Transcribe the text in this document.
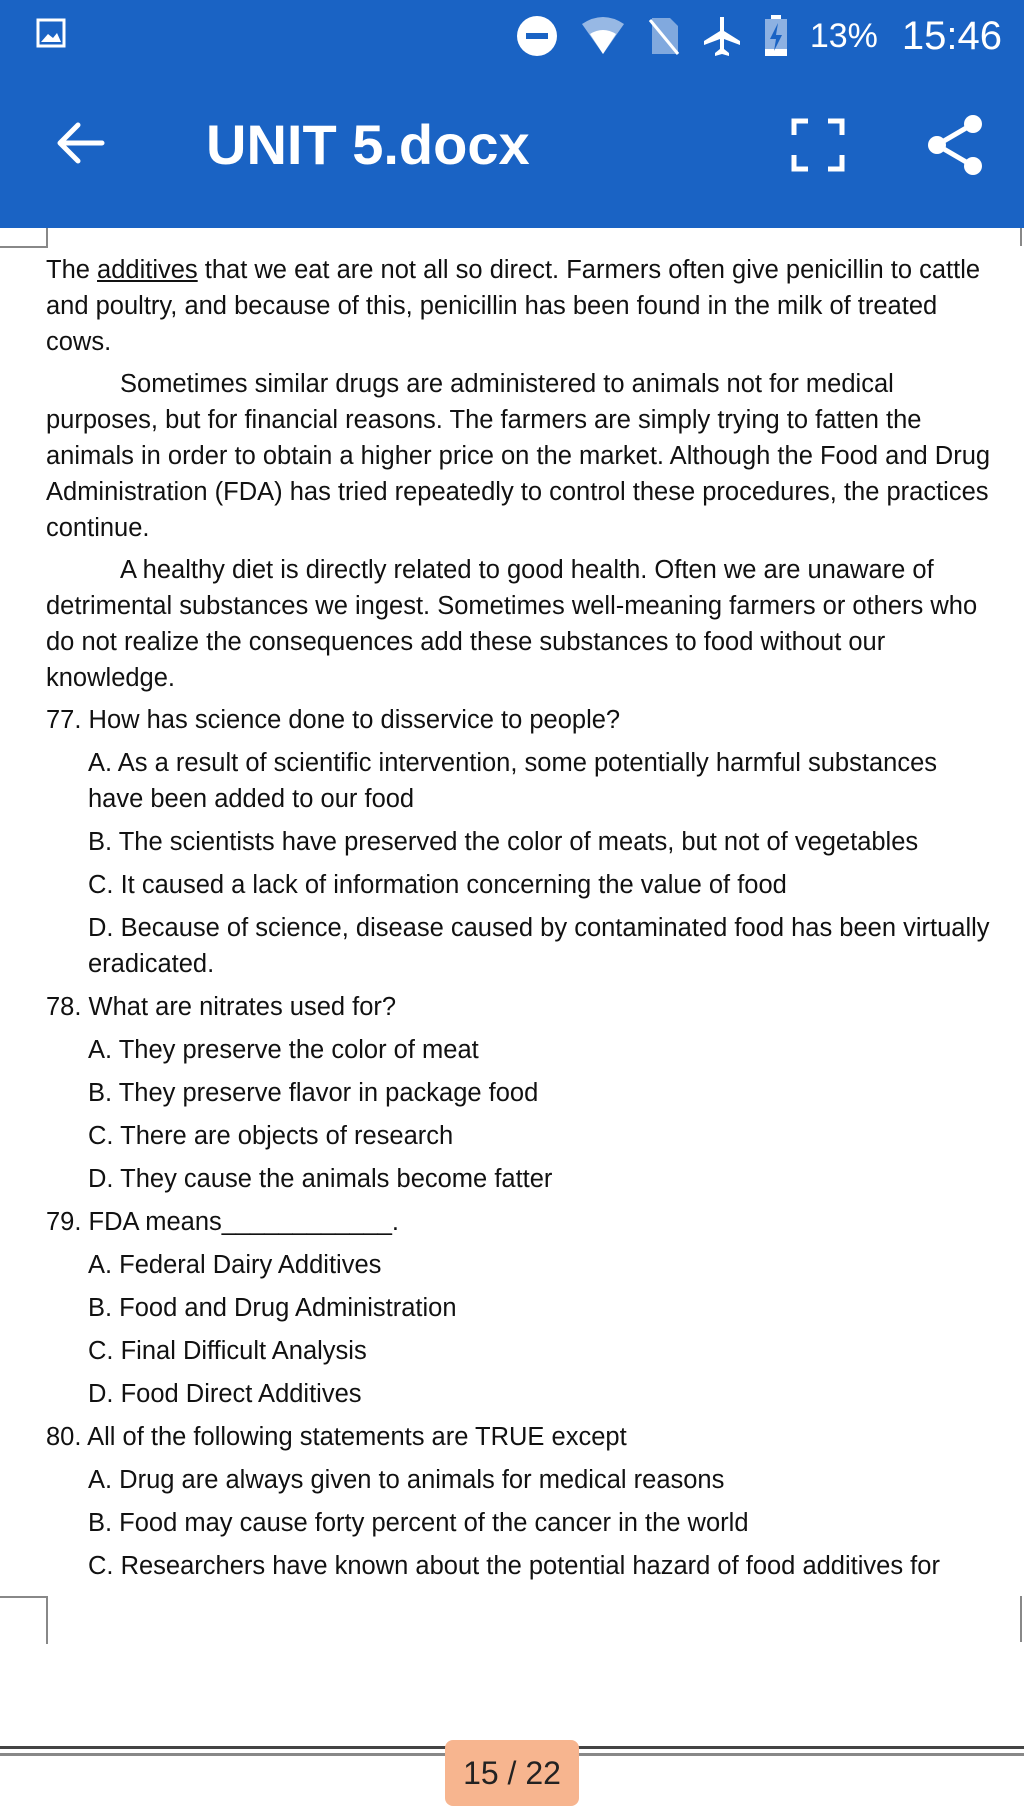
13% 15:46
UNIT 5.docx

The additives that we eat are not all so direct. Farmers often give penicillin to cattle and poultry, and because of this, penicillin has been found in the milk of treated cows.

Sometimes similar drugs are administered to animals not for medical purposes, but for financial reasons. The farmers are simply trying to fatten the animals in order to obtain a higher price on the market. Although the Food and Drug Administration (FDA) has tried repeatedly to control these procedures, the practices continue.

A healthy diet is directly related to good health. Often we are unaware of detrimental substances we ingest. Sometimes well-meaning farmers or others who do not realize the consequences add these substances to food without our knowledge.

77. How has science done to disservice to people?
A. As a result of scientific intervention, some potentially harmful substances have been added to our food
B. The scientists have preserved the color of meats, but not of vegetables
C. It caused a lack of information concerning the value of food
D. Because of science, disease caused by contaminated food has been virtually eradicated.
78. What are nitrates used for?
A. They preserve the color of meat
B. They preserve flavor in package food
C. There are objects of research
D. They cause the animals become fatter
79. FDA means____________.
A. Federal Dairy Additives
B. Food and Drug Administration
C. Final Difficult Analysis
D. Food Direct Additives
80. All of the following statements are TRUE except
A. Drug are always given to animals for medical reasons
B. Food may cause forty percent of the cancer in the world
C. Researchers have known about the potential hazard of food additives for
15 / 22
